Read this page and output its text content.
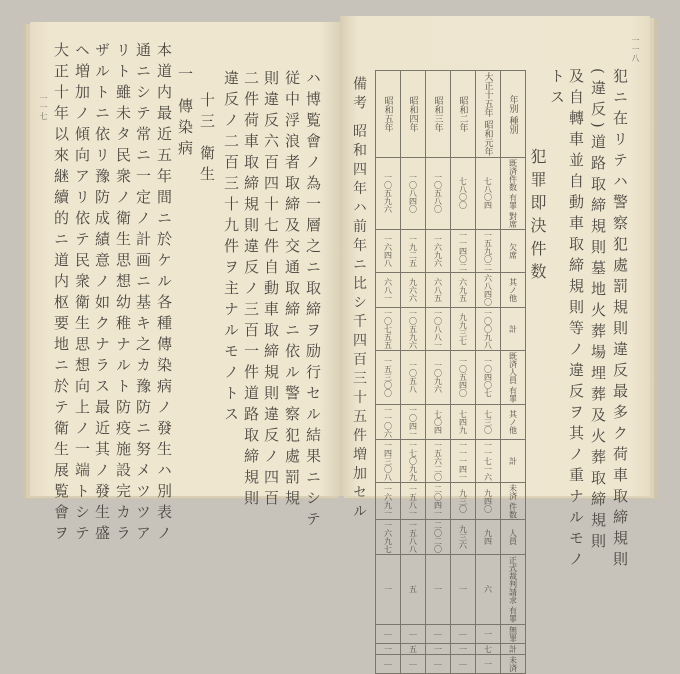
一一七	ハ博覧會ノ為一層之ニ取締ヲ励行セル結果ニシテ
従中浮浪者取締及交通取締ニ依ル警察犯處罰規
則違反六百四十七件自動車取締規則違反ノ四百
二件荷車取締規則違反ノ三百一件道路取締規則
違反ノ二百三十九件ヲ主ナルモノトス
十三 衛生
一 傳染病
本道内最近五年間ニ於ケル各種傳染病ノ發生ハ別表ノ
通ニシテ常ニ一定ノ計画ニ基キ之カ豫防ニ努メツツア
リト雖未タ民衆ノ衛生思想幼稚ナルト防疫施設完カラ
ザルトニ依リ豫防成績意ノ如クナラス最近其ノ發生盛
ヘ増加ノ傾向アリ依テ民衆衛生思想向上ノ一端トシテ
大正十年以來継續的ニ道内枢要地ニ於テ衛生展覧會ヲ	一一八
犯ニ在リテハ警察犯處罰規則違反最多ク荷車取締規則
(違反)道路取締規則墓地火葬場埋葬及火葬取締規則
及自轉車並自動車取締規則等ノ違反ヲ其ノ重ナルモノ
トス
犯罪即決件数
年別 種別	既済件数 有罪 對席	欠席	其ノ他	計	既済人員 有罪	其ノ他	計	未済 件数	人員	正式裁判請求 有罪	無罪	計	未済
大正十五年 昭和元年	七八〇四	一五九〇二	六八四〇	一〇〇九八	一〇四〇七	七三〇	一一七一六	九四〇	九四	六	一	七	一
昭和二年	七八〇〇	一一四〇二	六九五	九九三七	一〇五四〇	七四九	一一一四一	九三〇	九三六	一	｜	一	｜
昭和三年	一〇五八〇	一六九六	六八五	一〇八八一	一〇九六	七〇四	一五六二〇	二〇四一	二〇二〇	一	｜	一	｜
昭和四年	一〇八四〇	一九二五	九六六	一〇五九六	一〇五八	一〇四一	一七〇九九	一五八一	一五八八	五	｜	五	｜
昭和五年	一〇五九六	一六四八	六八一	一〇七五五	一五三〇〇	一一〇六	一四三〇八	一六九一	一六九七	一	｜	一	｜
備考 昭和四年ハ前年ニ比シ千四百三十五件増加セル
